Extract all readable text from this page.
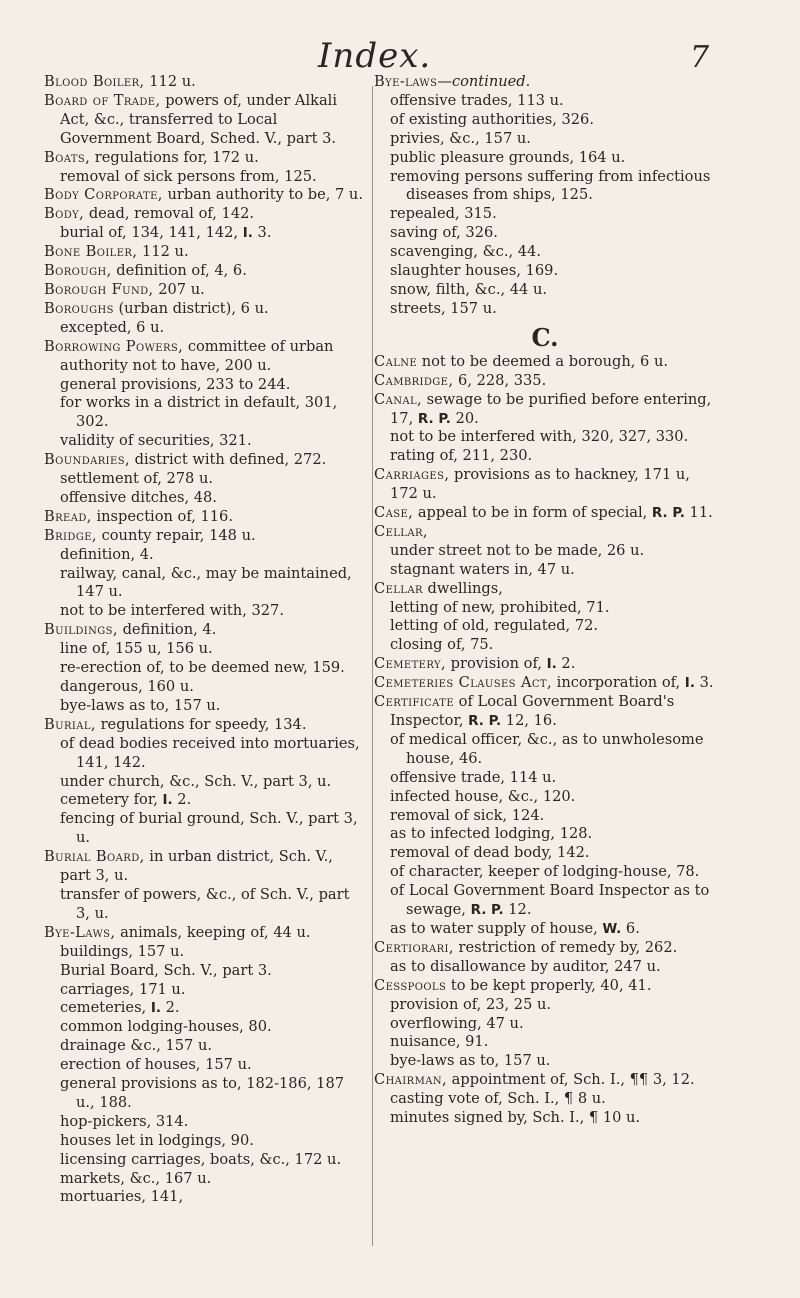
Index.	7

Blood Boiler, 112 u.

Board of Trade, powers of, under Alkali Act, &c., transferred to Local Government Board, Sched. V., part 3.

Boats, regulations for, 172 u.

removal of sick persons from, 125.

Body Corporate, urban authority to be, 7 u.

Body, dead, removal of, 142.

burial of, 134, 141, 142, I. 3.

Bone Boiler, 112 u.

Borough, definition of, 4, 6.

Borough Fund, 207 u.

Boroughs (urban district), 6 u.

excepted, 6 u.

Borrowing Powers, committee of urban authority not to have, 200 u.

general provisions, 233 to 244.

for works in a district in default, 301, 302.

validity of securities, 321.

Boundaries, district with defined, 272.

settlement of, 278 u.

offensive ditches, 48.

Bread, inspection of, 116.

Bridge, county repair, 148 u.

definition, 4.

railway, canal, &c., may be maintained, 147 u.

not to be interfered with, 327.

Buildings, definition, 4.

line of, 155 u, 156 u.

re-erection of, to be deemed new, 159.

dangerous, 160 u.

bye-laws as to, 157 u.

Burial, regulations for speedy, 134.

of dead bodies received into mortuaries, 141, 142.

under church, &c., Sch. V., part 3, u.

cemetery for, I. 2.

fencing of burial ground, Sch. V., part 3, u.

Burial Board, in urban district, Sch. V., part 3, u.

transfer of powers, &c., of Sch. V., part 3, u.

Bye-Laws, animals, keeping of, 44 u.

buildings, 157 u.

Burial Board, Sch. V., part 3.

carriages, 171 u.

cemeteries, I. 2.

common lodging-houses, 80.

drainage &c., 157 u.

erection of houses, 157 u.

general provisions as to, 182-186, 187 u., 188.

hop-pickers, 314.

houses let in lodgings, 90.

licensing carriages, boats, &c., 172 u.

markets, &c., 167 u.

mortuaries, 141,

Bye-laws—continued.

offensive trades, 113 u.

of existing authorities, 326.

privies, &c., 157 u.

public pleasure grounds, 164 u.

removing persons suffering from infectious diseases from ships, 125.

repealed, 315.

saving of, 326.

scavenging, &c., 44.

slaughter houses, 169.

snow, filth, &c., 44 u.

streets, 157 u.

C.

Calne not to be deemed a borough, 6 u.

Cambridge, 6, 228, 335.

Canal, sewage to be purified before entering, 17, R. P. 20.

not to be interfered with, 320, 327, 330.

rating of, 211, 230.

Carriages, provisions as to hackney, 171 u, 172 u.

Case, appeal to be in form of special, R. P. 11.

Cellar,

under street not to be made, 26 u.

stagnant waters in, 47 u.

Cellar dwellings,

letting of new, prohibited, 71.

letting of old, regulated, 72.

closing of, 75.

Cemetery, provision of, I. 2.

Cemeteries Clauses Act, incorporation of, I. 3.

Certificate of Local Government Board's Inspector, R. P. 12, 16.

of medical officer, &c., as to unwholesome house, 46.

offensive trade, 114 u.

infected house, &c., 120.

removal of sick, 124.

as to infected lodging, 128.

removal of dead body, 142.

of character, keeper of lodging-house, 78.

of Local Government Board Inspector as to sewage, R. P. 12.

as to water supply of house, W. 6.

Certiorari, restriction of remedy by, 262.

as to disallowance by auditor, 247 u.

Cesspools to be kept properly, 40, 41.

provision of, 23, 25 u.

overflowing, 47 u.

nuisance, 91.

bye-laws as to, 157 u.

Chairman, appointment of, Sch. I., ¶¶ 3, 12.

casting vote of, Sch. I., ¶ 8 u.

minutes signed by, Sch. I., ¶ 10 u.
